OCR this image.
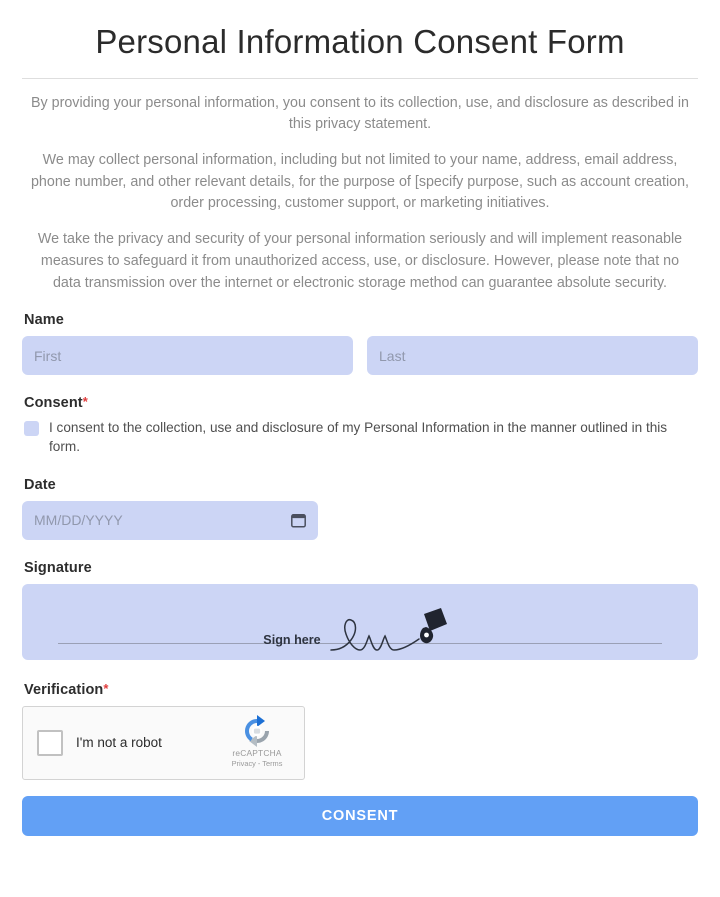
Personal Information Consent Form

By providing your personal information, you consent to its collection, use, and disclosure as described in this privacy statement.

We may collect personal information, including but not limited to your name, address, email address, phone number, and other relevant details, for the purpose of [specify purpose, such as account creation, order processing, customer support, or marketing initiatives.

We take the privacy and security of your personal information seriously and will implement reasonable measures to safeguard it from unauthorized access, use, or disclosure. However, please note that no data transmission over the internet or electronic storage method can guarantee absolute security.

Name
First	Last
Consent*
I consent to the collection, use and disclosure of my Personal Information in the manner outlined in this form.
Date
MM/DD/YYYY
Signature
Sign here
Verification*
I'm not a robot
reCAPTCHA
Privacy - Terms
CONSENT
